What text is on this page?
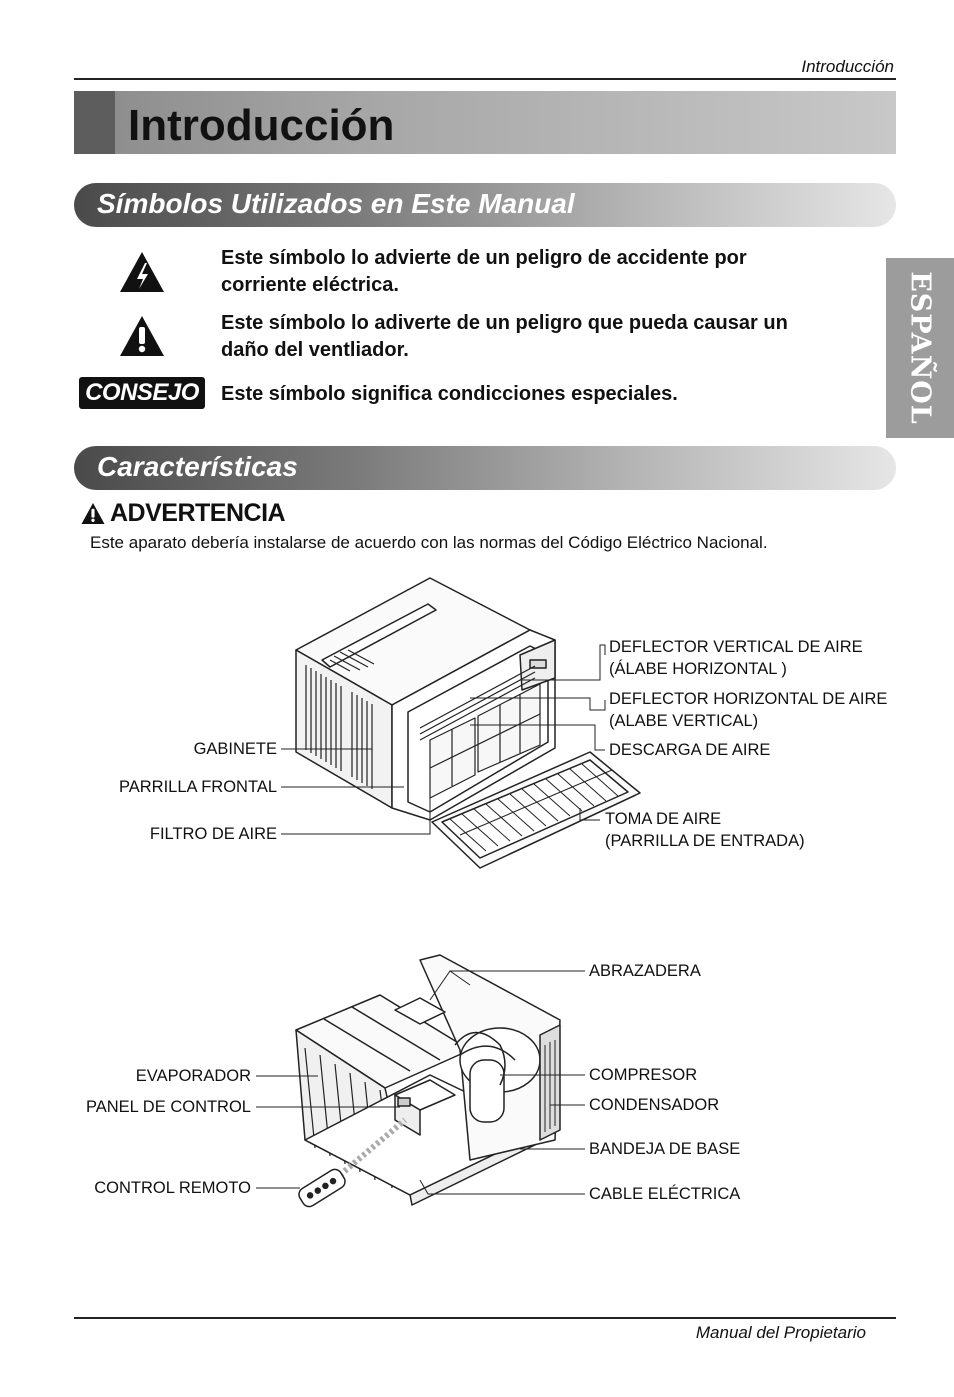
Introducción
Introducción
ESPAÑOL
Símbolos Utilizados en Este Manual
Este símbolo lo advierte de un peligro de accidente por
corriente eléctrica.
Este símbolo lo adiverte de un peligro que pueda causar un
daño del ventliador.
CONSEJO	Este símbolo significa condicciones especiales.
Características
ADVERTENCIA
Este aparato debería instalarse de acuerdo con las normas del Código Eléctrico Nacional.
GABINETE
PARRILLA FRONTAL
FILTRO DE AIRE
DEFLECTOR VERTICAL DE AIRE
(ÁLABE HORIZONTAL )
DEFLECTOR HORIZONTAL DE AIRE
(ALABE VERTICAL)
DESCARGA DE AIRE
TOMA DE AIRE
(PARRILLA DE ENTRADA)
ABRAZADERA
EVAPORADOR
PANEL DE CONTROL
CONTROL REMOTO
COMPRESOR
CONDENSADOR
BANDEJA DE BASE
CABLE ELÉCTRICA
Manual del Propietario
